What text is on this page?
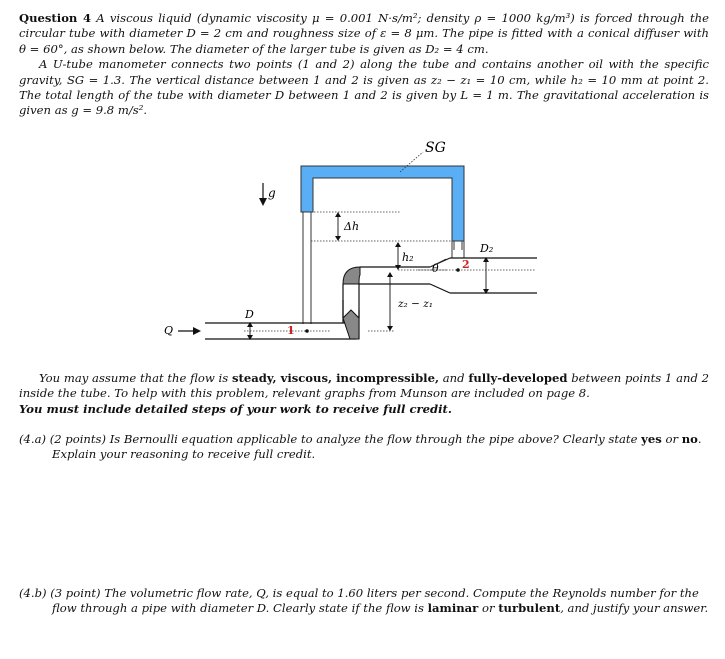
Question 4 A viscous liquid (dynamic viscosity μ = 0.001 N·s/m²; density ρ = 1000 kg/m³) is forced through the circular tube with diameter D = 2 cm and roughness size of ε = 8 μm. The pipe is fitted with a conical diffuser with θ = 60°, as shown below. The diameter of the larger tube is given as D₂ = 4 cm.
A U-tube manometer connects two points (1 and 2) along the tube and contains another oil with the specific gravity, SG = 1.3. The vertical distance between 1 and 2 is given as z₂ − z₁ = 10 cm, while h₂ = 10 mm at point 2. The total length of the tube with diameter D between 1 and 2 is given by L = 1 m. The gravitational acceleration is given as g = 9.8 m/s².
SG
g
Δh
h₂
θ 2
D₂
z₂ − z₁
1
D
Q
You may assume that the flow is steady, viscous, incompressible, and fully-developed between points 1 and 2 inside the tube. To help with this problem, relevant graphs from Munson are included on page 8.
You must include detailed steps of your work to receive full credit.
(4.a) (2 points) Is Bernoulli equation applicable to analyze the flow through the pipe above? Clearly state yes or no. Explain your reasoning to receive full credit.
(4.b) (3 point) The volumetric flow rate, Q, is equal to 1.60 liters per second. Compute the Reynolds number for the flow through a pipe with diameter D. Clearly state if the flow is laminar or turbulent, and justify your answer.
